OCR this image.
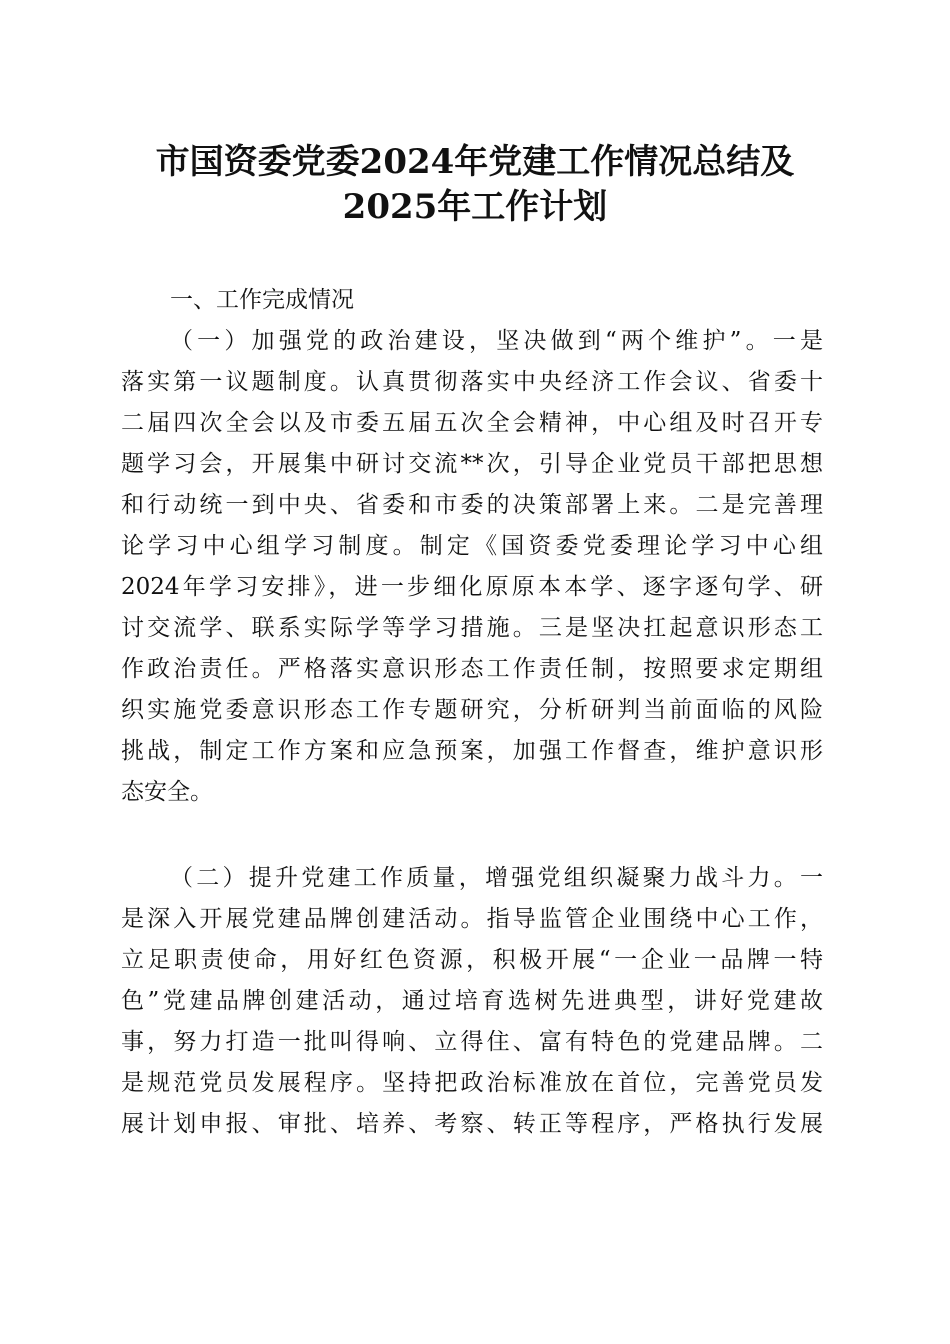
市国资委党委2024年党建工作情况总结及
2025年工作计划
一、工作完成情况
（一）加强党的政治建设，坚决做到“两个维护”。一是
落实第一议题制度。认真贯彻落实中央经济工作会议、省委十
二届四次全会以及市委五届五次全会精神，中心组及时召开专
题学习会，开展集中研讨交流**次，引导企业党员干部把思想
和行动统一到中央、省委和市委的决策部署上来。二是完善理
论学习中心组学习制度。制定《国资委党委理论学习中心组
2024年学习安排》，进一步细化原原本本学、逐字逐句学、研
讨交流学、联系实际学等学习措施。三是坚决扛起意识形态工
作政治责任。严格落实意识形态工作责任制，按照要求定期组
织实施党委意识形态工作专题研究，分析研判当前面临的风险
挑战，制定工作方案和应急预案，加强工作督查，维护意识形
态安全。
（二）提升党建工作质量，增强党组织凝聚力战斗力。一
是深入开展党建品牌创建活动。指导监管企业围绕中心工作，
立足职责使命，用好红色资源，积极开展“一企业一品牌一特
色”党建品牌创建活动，通过培育选树先进典型，讲好党建故
事，努力打造一批叫得响、立得住、富有特色的党建品牌。二
是规范党员发展程序。坚持把政治标准放在首位，完善党员发
展计划申报、审批、培养、考察、转正等程序，严格执行发展
